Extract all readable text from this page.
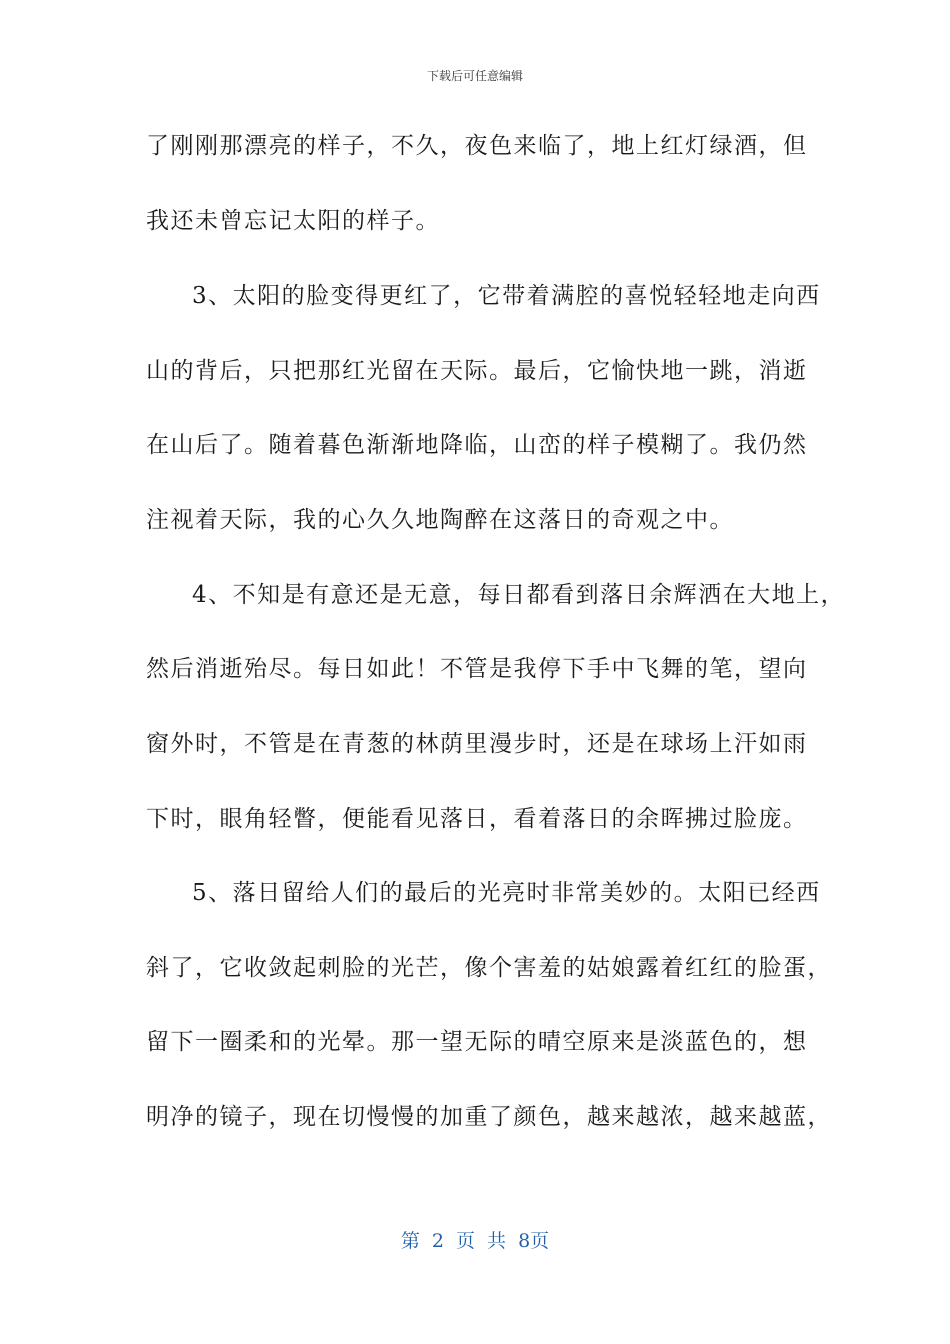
下载后可任意编辑
了刚刚那漂亮的样子，不久，夜色来临了，地上红灯绿酒，但
我还未曾忘记太阳的样子。
3、太阳的脸变得更红了，它带着满腔的喜悦轻轻地走向西
山的背后，只把那红光留在天际。最后，它愉快地一跳，消逝
在山后了。随着暮色渐渐地降临，山峦的样子模糊了。我仍然
注视着天际，我的心久久地陶醉在这落日的奇观之中。
4、不知是有意还是无意，每日都看到落日余辉洒在大地上，
然后消逝殆尽。每日如此！不管是我停下手中飞舞的笔，望向
窗外时，不管是在青葱的林荫里漫步时，还是在球场上汗如雨
下时，眼角轻瞥，便能看见落日，看着落日的余晖拂过脸庞。
5、落日留给人们的最后的光亮时非常美妙的。太阳已经西
斜了，它收敛起刺脸的光芒，像个害羞的姑娘露着红红的脸蛋，
留下一圈柔和的光晕。那一望无际的晴空原来是淡蓝色的，想
明净的镜子，现在切慢慢的加重了颜色，越来越浓，越来越蓝，
第 2 页 共 8页
